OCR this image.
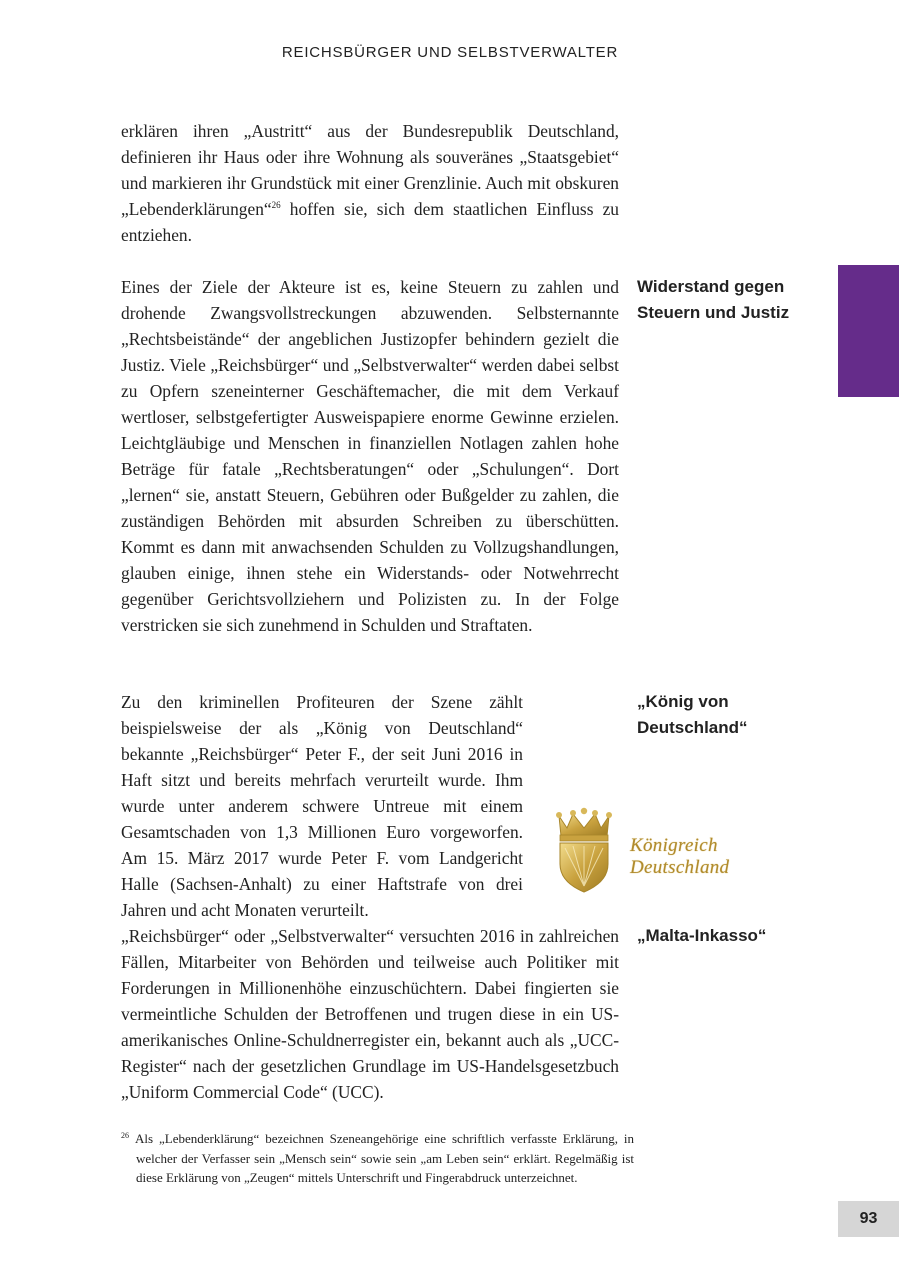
REICHSBÜRGER UND SELBSTVERWALTER

erklären ihren „Austritt“ aus der Bundesrepublik Deutschland, definieren ihr Haus oder ihre Wohnung als souveränes „Staatsgebiet“ und markieren ihr Grundstück mit einer Grenzlinie. Auch mit obskuren „Lebenderklärungen“$^{26}$ hoffen sie, sich dem staatlichen Einfluss zu entziehen.

Widerstand gegen
Steuern und Justiz

Eines der Ziele der Akteure ist es, keine Steuern zu zahlen und drohende Zwangsvollstreckungen abzuwenden. Selbsternannte „Rechtsbeistände“ der angeblichen Justizopfer behindern gezielt die Justiz. Viele „Reichsbürger“ und „Selbstverwalter“ werden dabei selbst zu Opfern szeneinterner Geschäftemacher, die mit dem Verkauf wertloser, selbstgefertigter Ausweispapiere enorme Gewinne erzielen. Leichtgläubige und Menschen in finanziellen Notlagen zahlen hohe Beträge für fatale „Rechtsberatungen“ oder „Schulungen“. Dort „lernen“ sie, anstatt Steuern, Gebühren oder Bußgelder zu zahlen, die zuständigen Behörden mit absurden Schreiben zu überschütten. Kommt es dann mit anwachsenden Schulden zu Vollzugshandlungen, glauben einige, ihnen stehe ein Widerstands- oder Notwehrrecht gegenüber Gerichtsvollziehern und Polizisten zu. In der Folge verstricken sie sich zunehmend in Schulden und Straftaten.

„König von
Deutschland“

Zu den kriminellen Profiteuren der Szene zählt beispielsweise der als „König von Deutschland“ bekannte „Reichsbürger“ Peter F., der seit Juni 2016 in Haft sitzt und bereits mehrfach verurteilt wurde. Ihm wurde unter anderem schwere Untreue mit einem Gesamtschaden von 1,3 Millionen Euro vorgeworfen. Am 15. März 2017 wurde Peter F. vom Landgericht Halle (Sachsen-Anhalt) zu einer Haftstrafe von drei Jahren und acht Monaten verurteilt.

Königreich Deutschland
„Malta-Inkasso“

„Reichsbürger“ oder „Selbstverwalter“ versuchten 2016 in zahlreichen Fällen, Mitarbeiter von Behörden und teilweise auch Politiker mit Forderungen in Millionenhöhe einzuschüchtern. Dabei fingierten sie vermeintliche Schulden der Betroffenen und trugen diese in ein US-amerikanisches Online-Schuldnerregister ein, bekannt auch als „UCC-Register“ nach der gesetzlichen Grundlage im US-Handelsgesetzbuch „Uniform Commercial Code“ (UCC).

$^{26}$ Als „Lebenderklärung“ bezeichnen Szeneangehörige eine schriftlich verfasste Erklärung, in welcher der Verfasser sein „Mensch sein“ sowie sein „am Leben sein“ erklärt. Regelmäßig ist diese Erklärung von „Zeugen“ mittels Unterschrift und Fingerabdruck unterzeichnet.
93
